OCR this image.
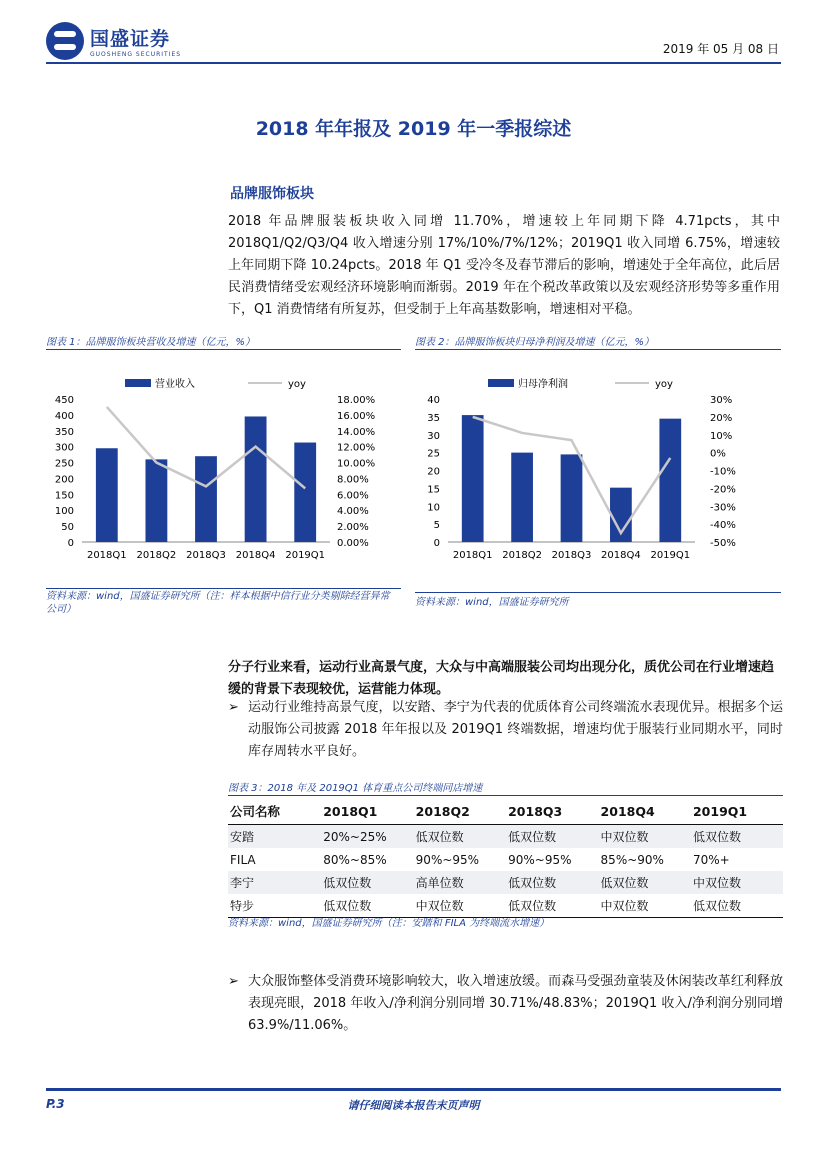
国盛证券
GUOSHENG SECURITIES	2019 年 05 月 08 日
2018 年年报及 2019 年一季报综述
品牌服饰板块
2018 年品牌服装板块收入同增 11.70%，增速较上年同期下降 4.71pcts，其中 2018Q1/Q2/Q3/Q4 收入增速分别 17%/10%/7%/12%；2019Q1 收入同增 6.75%，增速较上年同期下降 10.24pcts。2018 年 Q1 受冷冬及春节滞后的影响，增速处于全年高位，此后居民消费情绪受宏观经济环境影响而渐弱。2019 年在个税改革政策以及宏观经济形势等多重作用下，Q1 消费情绪有所复苏，但受制于上年高基数影响，增速相对平稳。
图表 1：品牌服饰板块营收及增速（亿元，%）	图表 2：品牌服饰板块归母净利润及增速（亿元，%）
营业收入	yoy
0
50
100
150
200
250
300
350
400
450
0.00%
2.00%
4.00%
6.00%
8.00%
10.00%
12.00%
14.00%
16.00%
18.00%
2018Q1 2018Q2 2018Q3 2018Q4 2019Q1
归母净利润	yoy
0
5
10
15
20
25
30
35
40
-50%
-40%
-30%
-20%
-10%
0%
10%
20%
30%
2018Q1 2018Q2 2018Q3 2018Q4 2019Q1
资料来源：wind，国盛证券研究所（注：样本根据中信行业分类剔除经营异常公司）
资料来源：wind，国盛证券研究所
分子行业来看，运动行业高景气度，大众与中高端服装公司均出现分化，质优公司在行业增速趋缓的背景下表现较优，运营能力体现。
➢ 运动行业维持高景气度，以安踏、李宁为代表的优质体育公司终端流水表现优异。根据多个运动服饰公司披露 2018 年年报以及 2019Q1 终端数据，增速均优于服装行业同期水平，同时库存周转水平良好。
图表 3：2018 年及 2019Q1 体育重点公司终端同店增速
公司名称	2018Q1	2018Q2	2018Q3	2018Q4	2019Q1
安踏	20%~25%	低双位数	低双位数	中双位数	低双位数
FILA	80%~85%	90%~95%	90%~95%	85%~90%	70%+
李宁	低双位数	高单位数	低双位数	低双位数	中双位数
特步	低双位数	中双位数	低双位数	中双位数	低双位数
资料来源：wind，国盛证券研究所（注：安踏和 FILA 为终端流水增速）
➢ 大众服饰整体受消费环境影响较大，收入增速放缓。而森马受强劲童装及休闲装改革红利释放表现亮眼，2018 年收入/净利润分别同增 30.71%/48.83%；2019Q1 收入/净利润分别同增 63.9%/11.06%。
P.3	请仔细阅读本报告末页声明
